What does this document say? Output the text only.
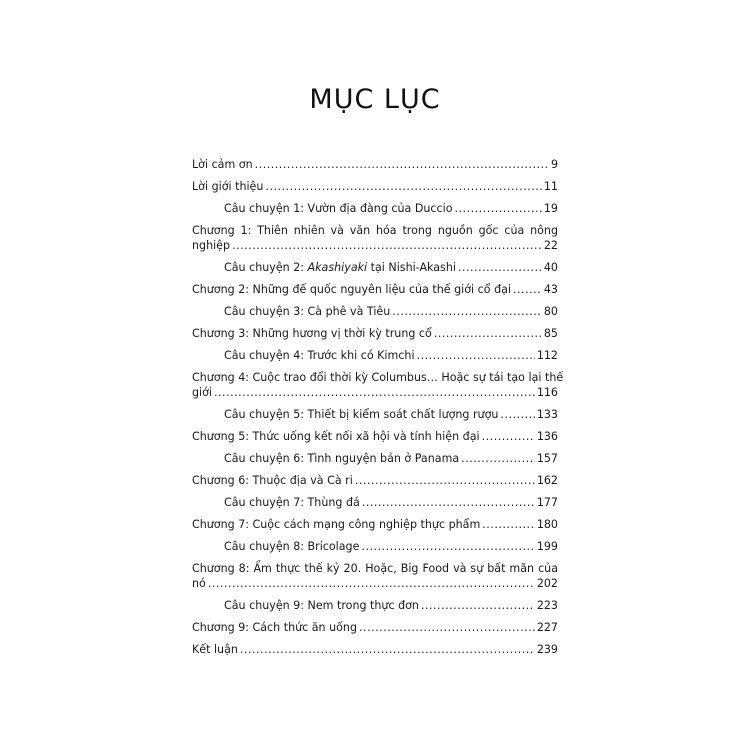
MỤC LỤC
Lời cảm ơn .....	9
Lời giới thiệu .....	11
Câu chuyện 1: Vườn địa đàng của Duccio .....	19
Chương 1: Thiên nhiên và văn hóa trong nguồn gốc của nông
nghiệp .....	22
Câu chuyện 2: Akashiyaki tại Nishi-Akashi .....	40
Chương 2: Những đế quốc nguyên liệu của thế giới cổ đại .....	43
Câu chuyện 3: Cà phê và Tiêu .....	80
Chương 3: Những hương vị thời kỳ trung cổ .....	85
Câu chuyện 4: Trước khi có Kimchi .....	112
Chương 4: Cuộc trao đổi thời kỳ Columbus… Hoặc sự tái tạo lại thế
giới .....	116
Câu chuyện 5: Thiết bị kiểm soát chất lượng rượu .....	133
Chương 5: Thức uống kết nối xã hội và tính hiện đại .....	136
Câu chuyện 6: Tình nguyện bản ở Panama .....	157
Chương 6: Thuộc địa và Cà ri .....	162
Câu chuyện 7: Thùng đá .....	177
Chương 7: Cuộc cách mạng công nghiệp thực phẩm .....	180
Câu chuyện 8: Bricolage .....	199
Chương 8: Ẩm thực thế kỷ 20. Hoặc, Big Food và sự bất mãn của
nó .....	202
Câu chuyện 9: Nem trong thực đơn .....	223
Chương 9: Cách thức ăn uống .....	227
Kết luận .....	239
